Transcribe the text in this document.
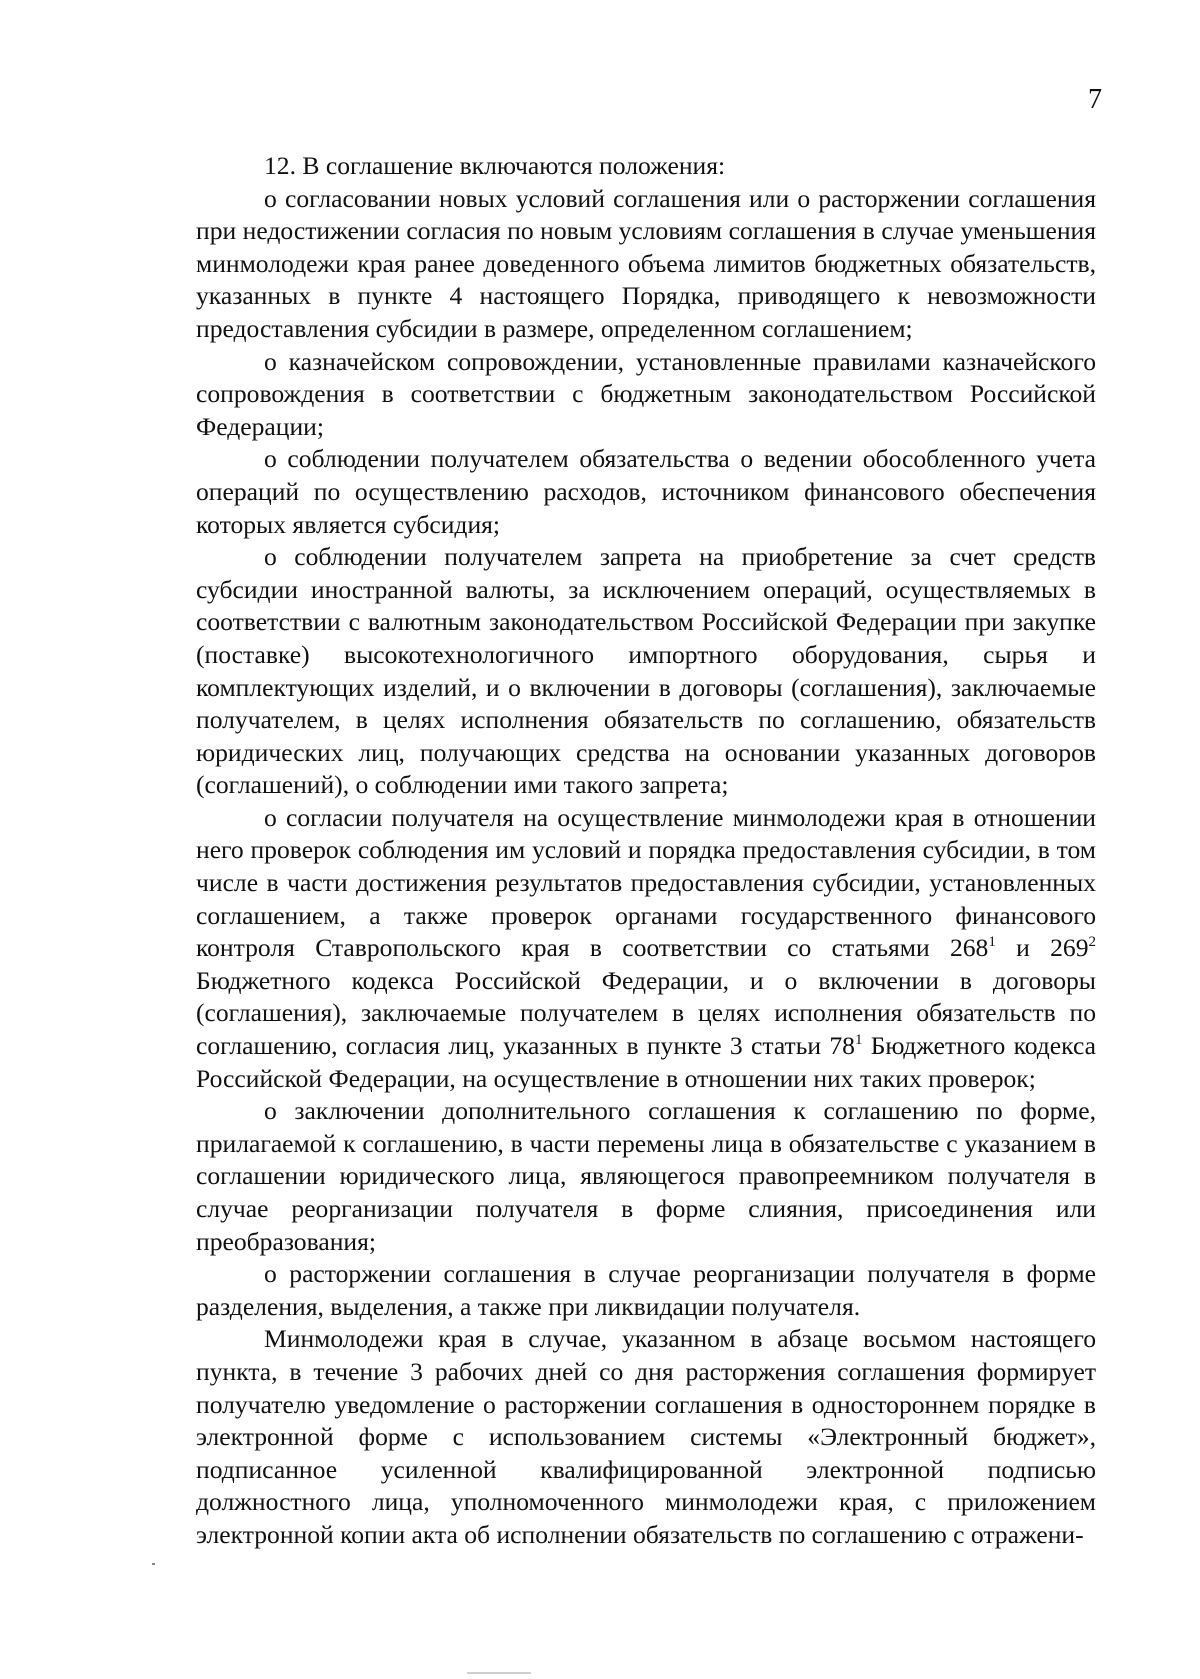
7

12. В соглашение включаются положения:

о согласовании новых условий соглашения или о расторжении соглашения при недостижении согласия по новым условиям соглашения в случае уменьшения минмолодежи края ранее доведенного объема лимитов бюджетных обязательств, указанных в пункте 4 настоящего Порядка, приводящего к невозможности предоставления субсидии в размере, определенном соглашением;

о казначейском сопровождении, установленные правилами казначейского сопровождения в соответствии с бюджетным законодательством Российской Федерации;

о соблюдении получателем обязательства о ведении обособленного учета операций по осуществлению расходов, источником финансового обеспечения которых является субсидия;

о соблюдении получателем запрета на приобретение за счет средств субсидии иностранной валюты, за исключением операций, осуществляемых в соответствии с валютным законодательством Российской Федерации при закупке (поставке) высокотехнологичного импортного оборудования, сырья и комплектующих изделий, и о включении в договоры (соглашения), заключаемые получателем, в целях исполнения обязательств по соглашению, обязательств юридических лиц, получающих средства на основании указанных договоров (соглашений), о соблюдении ими такого запрета;

о согласии получателя на осуществление минмолодежи края в отношении него проверок соблюдения им условий и порядка предоставления субсидии, в том числе в части достижения результатов предоставления субсидии, установленных соглашением, а также проверок органами государственного финансового контроля Ставропольского края в соответствии со статьями $268^1$ и $269^2$ Бюджетного кодекса Российской Федерации, и о включении в договоры (соглашения), заключаемые получателем в целях исполнения обязательств по соглашению, согласия лиц, указанных в пункте 3 статьи $78^1$ Бюджетного кодекса Российской Федерации, на осуществление в отношении них таких проверок;

о заключении дополнительного соглашения к соглашению по форме, прилагаемой к соглашению, в части перемены лица в обязательстве с указанием в соглашении юридического лица, являющегося правопреемником получателя в случае реорганизации получателя в форме слияния, присоединения или преобразования;

о расторжении соглашения в случае реорганизации получателя в форме разделения, выделения, а также при ликвидации получателя.

Минмолодежи края в случае, указанном в абзаце восьмом настоящего пункта, в течение 3 рабочих дней со дня расторжения соглашения формирует получателю уведомление о расторжении соглашения в одностороннем порядке в электронной форме с использованием системы «Электронный бюджет», подписанное усиленной квалифицированной электронной подписью должностного лица, уполномоченного минмолодежи края, с приложением электронной копии акта об исполнении обязательств по соглашению с отражени-
